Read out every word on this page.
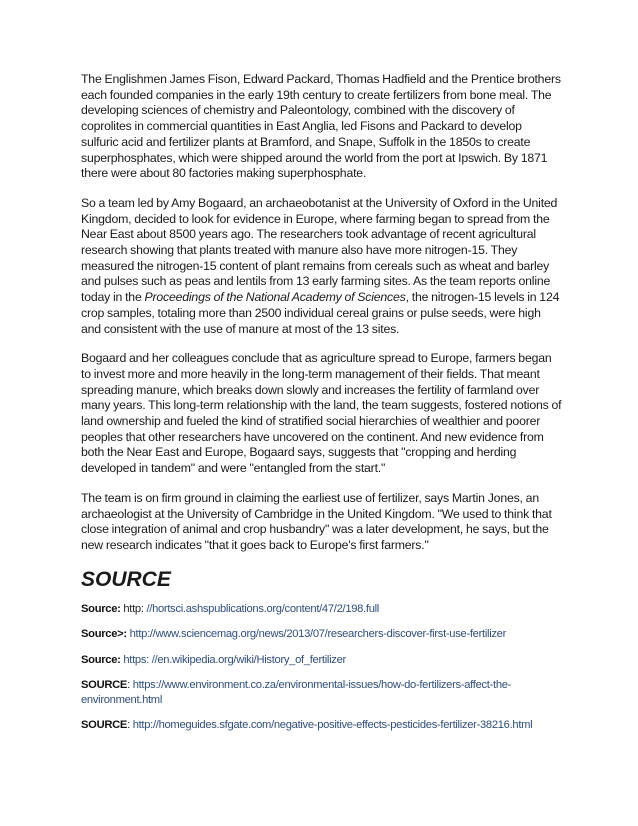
The Englishmen James Fison, Edward Packard, Thomas Hadfield and the Prentice brothers each founded companies in the early 19th century to create fertilizers from bone meal. The developing sciences of chemistry and Paleontology, combined with the discovery of coprolites in commercial quantities in East Anglia, led Fisons and Packard to develop sulfuric acid and fertilizer plants at Bramford, and Snape, Suffolk in the 1850s to create superphosphates, which were shipped around the world from the port at Ipswich. By 1871 there were about 80 factories making superphosphate.

So a team led by Amy Bogaard, an archaeobotanist at the University of Oxford in the United Kingdom, decided to look for evidence in Europe, where farming began to spread from the Near East about 8500 years ago. The researchers took advantage of recent agricultural research showing that plants treated with manure also have more nitrogen-15. They measured the nitrogen-15 content of plant remains from cereals such as wheat and barley and pulses such as peas and lentils from 13 early farming sites. As the team reports online today in the Proceedings of the National Academy of Sciences, the nitrogen-15 levels in 124 crop samples, totaling more than 2500 individual cereal grains or pulse seeds, were high and consistent with the use of manure at most of the 13 sites.

Bogaard and her colleagues conclude that as agriculture spread to Europe, farmers began to invest more and more heavily in the long-term management of their fields. That meant spreading manure, which breaks down slowly and increases the fertility of farmland over many years. This long-term relationship with the land, the team suggests, fostered notions of land ownership and fueled the kind of stratified social hierarchies of wealthier and poorer peoples that other researchers have uncovered on the continent. And new evidence from both the Near East and Europe, Bogaard says, suggests that "cropping and herding developed in tandem" and were "entangled from the start."

The team is on firm ground in claiming the earliest use of fertilizer, says Martin Jones, an archaeologist at the University of Cambridge in the United Kingdom. "We used to think that close integration of animal and crop husbandry" was a later development, he says, but the new research indicates "that it goes back to Europe's first farmers."

SOURCE
Source: http: //hortsci.ashspublications.org/content/47/2/198.full
Source>: http://www.sciencemag.org/news/2013/07/researchers-discover-first-use-fertilizer
Source: https: //en.wikipedia.org/wiki/History_of_fertilizer
SOURCE: https://www.environment.co.za/environmental-issues/how-do-fertilizers-affect-the-environment.html
SOURCE: http://homeguides.sfgate.com/negative-positive-effects-pesticides-fertilizer-38216.html
